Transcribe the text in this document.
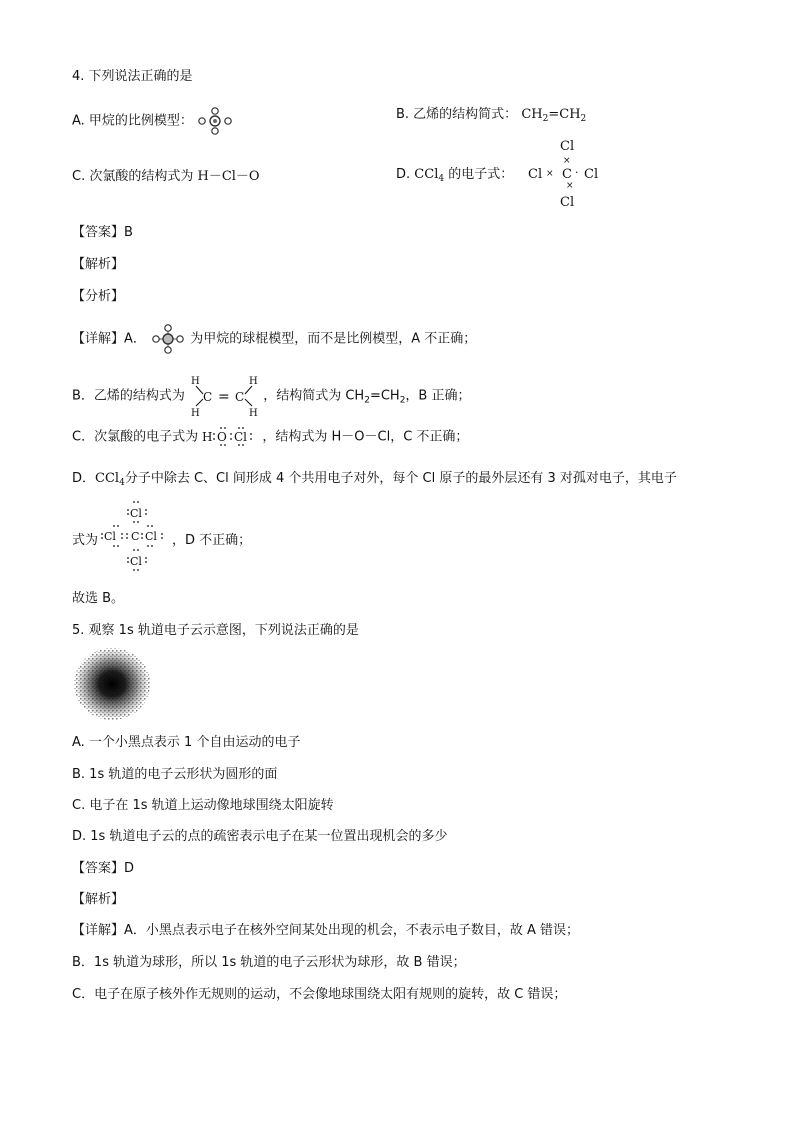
4. 下列说法正确的是
A. 甲烷的比例模型：	B. 乙烯的结构简式： $CH_2=CH_2$
C. 次氯酸的结构式为 H－Cl－O	D. CCl$_4$ 的电子式：
Cl
×
Cl × C · Cl
×
Cl
【答案】B
【解析】
【分析】
【详解】A．	为甲烷的球棍模型，而不是比例模型，A 不正确；
B．乙烯的结构式为
H
H
H
H
C = C ，结构简式为 $CH_2=CH_2$，B 正确；
C．次氯酸的电子式为 H O Cl ，结构式为 H－O－Cl，C 不正确；
D．CCl$_4$分子中除去 C、Cl 间形成 4 个共用电子对外，每个 Cl 原子的最外层还有 3 对孤对电子，其电子
式为
Cl
Cl C Cl
Cl
，D 不正确；
故选 B。
5. 观察 1s 轨道电子云示意图，下列说法正确的是
A. 一个小黑点表示 1 个自由运动的电子
B. 1s 轨道的电子云形状为圆形的面
C. 电子在 1s 轨道上运动像地球围绕太阳旋转
D. 1s 轨道电子云的点的疏密表示电子在某一位置出现机会的多少
【答案】D
【解析】
【详解】A．小黑点表示电子在核外空间某处出现的机会，不表示电子数目，故 A 错误；
B．1s 轨道为球形，所以 1s 轨道的电子云形状为球形，故 B 错误；
C．电子在原子核外作无规则的运动，不会像地球围绕太阳有规则的旋转，故 C 错误；
